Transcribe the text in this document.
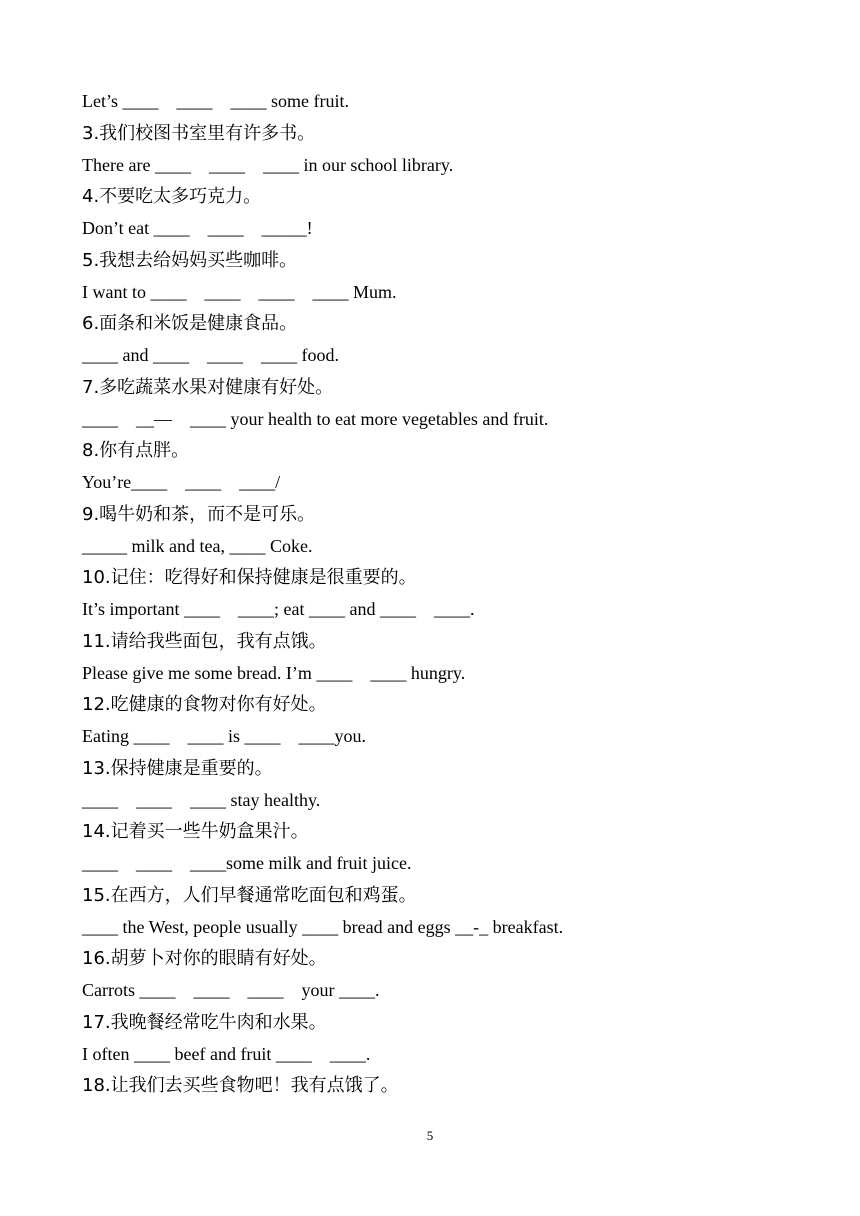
Let’s ____    ____    ____ some fruit.
3.我们校图书室里有许多书。
There are ____    ____    ____ in our school library.
4.不要吃太多巧克力。
Don’t eat ____    ____    _____!
5.我想去给妈妈买些咖啡。
I want to ____    ____    ____    ____ Mum.
6.面条和米饭是健康食品。
____ and ____    ____    ____ food.
7.多吃蔬菜水果对健康有好处。
____    __—    ____ your health to eat more vegetables and fruit.
8.你有点胖。
You’re____    ____    ____/
9.喝牛奶和茶，而不是可乐。
_____ milk and tea, ____ Coke.
10.记住：吃得好和保持健康是很重要的。
It’s important ____    ____; eat ____ and ____    ____.
11.请给我些面包，我有点饿。
Please give me some bread. I’m ____    ____ hungry.
12.吃健康的食物对你有好处。
Eating ____    ____ is ____    ____you.
13.保持健康是重要的。
____    ____    ____ stay healthy.
14.记着买一些牛奶盒果汁。
____    ____    ____some milk and fruit juice.
15.在西方，人们早餐通常吃面包和鸡蛋。
____ the West, people usually ____ bread and eggs __-_ breakfast.
16.胡萝卜对你的眼睛有好处。
Carrots ____    ____    ____    your ____.
17.我晚餐经常吃牛肉和水果。
I often ____ beef and fruit ____    ____.
18.让我们去买些食物吧！我有点饿了。
5
